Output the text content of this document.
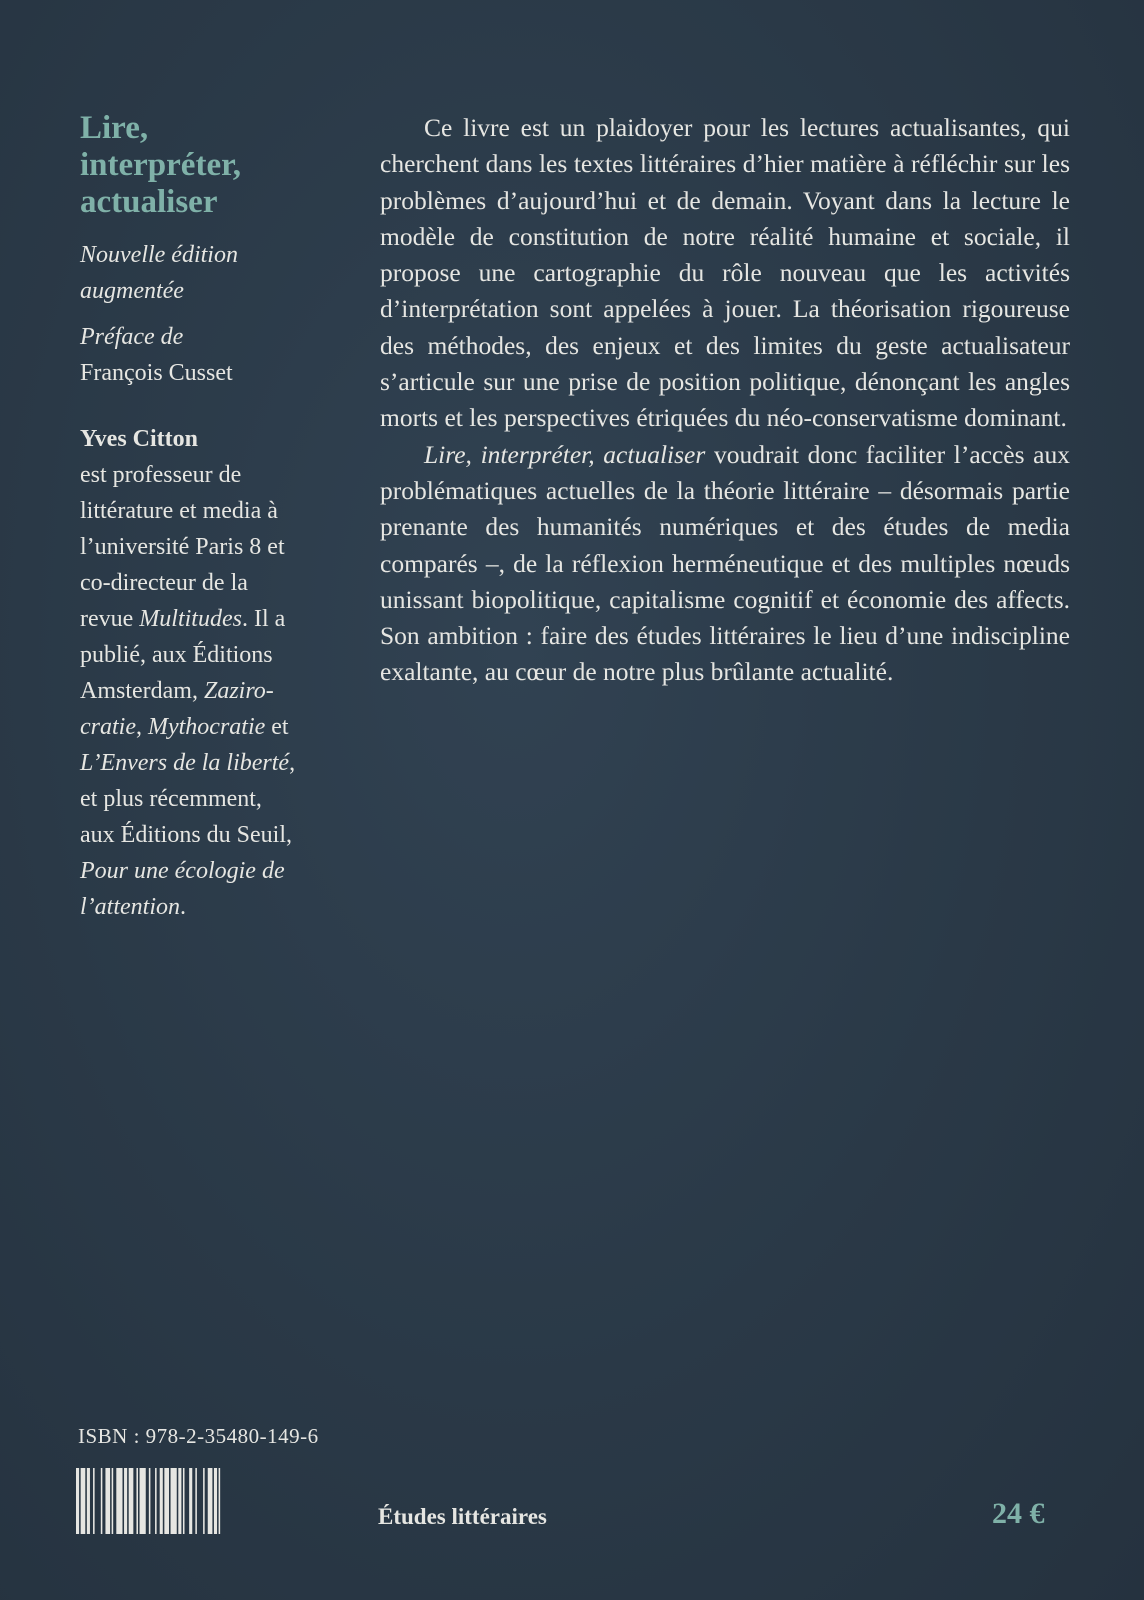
Lire,
interpréter,
actualiser
Nouvelle édition
augmentée
Préface de
François Cusset
Yves Citton
est professeur de
littérature et media à
l’université Paris 8 et
co-directeur de la
revue Multitudes. Il a
publié, aux Éditions
Amsterdam, Zaziro-
cratie, Mythocratie et
L’Envers de la liberté,
et plus récemment,
aux Éditions du Seuil,
Pour une écologie de
l’attention.

Ce livre est un plaidoyer pour les lectures actualisantes, qui cherchent dans les textes littéraires d’hier matière à réfléchir sur les problèmes d’aujourd’hui et de demain. Voyant dans la lecture le modèle de constitution de notre réalité humaine et sociale, il propose une cartographie du rôle nouveau que les activités d’interprétation sont appelées à jouer. La théorisation rigoureuse des méthodes, des enjeux et des limites du geste actualisateur s’articule sur une prise de position politique, dénonçant les angles morts et les perspectives étriquées du néo-conservatisme dominant.

Lire, interpréter, actualiser voudrait donc faciliter l’accès aux problématiques actuelles de la théorie littéraire – désormais partie prenante des humanités numériques et des études de media comparés –, de la réflexion herméneutique et des multiples nœuds unissant biopolitique, capitalisme cognitif et économie des affects. Son ambition : faire des études littéraires le lieu d’une indiscipline exaltante, au cœur de notre plus brûlante actualité.

ISBN : 978-2-35480-149-6
Études littéraires	24 €
